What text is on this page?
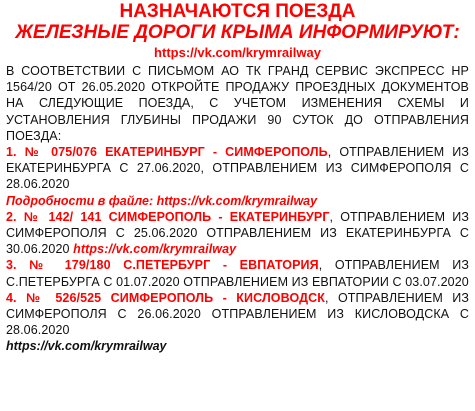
НАЗНАЧАЮТСЯ ПОЕЗДА
ЖЕЛЕЗНЫЕ ДОРОГИ КРЫМА ИНФОРМИРУЮТ:
https://vk.com/krymrailway
В СООТВЕТСТВИИ С ПИСЬМОМ АО ТК ГРАНД СЕРВИС ЭКСПРЕСС НР 1564/20 ОТ 26.05.2020 ОТКРОЙТЕ ПРОДАЖУ ПРОЕЗДНЫХ ДОКУМЕНТОВ НА СЛЕДУЮЩИЕ ПОЕЗДА, С УЧЕТОМ ИЗМЕНЕНИЯ СХЕМЫ И УСТАНОВЛЕНИЯ ГЛУБИНЫ ПРОДАЖИ 90 СУТОК ДО ОТПРАВЛЕНИЯ ПОЕЗДА:
1. № 075/076 ЕКАТЕРИНБУРГ - СИМФЕРОПОЛЬ, ОТПРАВЛЕНИЕМ ИЗ ЕКАТЕРИНБУРГА С 27.06.2020, ОТПРАВЛЕНИЕМ ИЗ СИМФЕРОПОЛЯ С 28.06.2020
Подробности в файле: https://vk.com/krymrailway
2. № 142/ 141 СИМФЕРОПОЛЬ - ЕКАТЕРИНБУРГ, ОТПРАВЛЕНИЕМ ИЗ СИМФЕРОПОЛЯ С 25.06.2020 ОТПРАВЛЕНИЕМ ИЗ ЕКАТЕРИНБУРГА С 30.06.2020 https://vk.com/krymrailway
3. № 179/180 С.ПЕТЕРБУРГ - ЕВПАТОРИЯ, ОТПРАВЛЕНИЕМ ИЗ С.ПЕТЕРБУРГА С 01.07.2020 ОТПРАВЛЕНИЕМ ИЗ ЕВПАТОРИИ С 03.07.2020
4. № 526/525 СИМФЕРОПОЛЬ - КИСЛОВОДСК, ОТПРАВЛЕНИЕМ ИЗ СИМФЕРОПОЛЯ С 26.06.2020 ОТПРАВЛЕНИЕМ ИЗ КИСЛОВОДСКА С 28.06.2020
https://vk.com/krymrailway
